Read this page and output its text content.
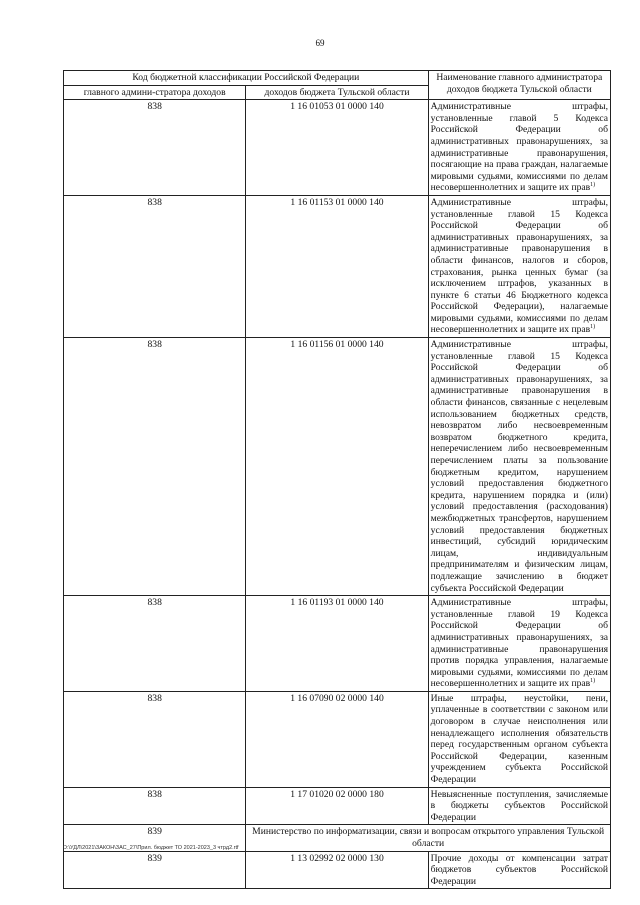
69
Код бюджетной классификации Российской Федерации		Наименование главного администратора доходов бюджета Тульской области
главного админи-стратора доходов	доходов бюджета Тульской области	
838	1 16 01053 01 0000 140	Административные штрафы, установленные главой 5 Кодекса Российской Федерации об административных правонарушениях, за административные правонарушения, посягающие на права граждан, налагаемые мировыми судьями, комиссиями по делам несовершеннолетних и защите их прав$^{1)}$
838	1 16 01153 01 0000 140	Административные штрафы, установленные главой 15 Кодекса Российской Федерации об административных правонарушениях, за административные правонарушения в области финансов, налогов и сборов, страхования, рынка ценных бумаг (за исключением штрафов, указанных в пункте 6 статьи 46 Бюджетного кодекса Российской Федерации), налагаемые мировыми судьями, комиссиями по делам несовершеннолетних и защите их прав$^{1)}$
838	1 16 01156 01 0000 140	Административные штрафы, установленные главой 15 Кодекса Российской Федерации об административных правонарушениях, за административные правонарушения в области финансов, связанные с нецелевым использованием бюджетных средств, невозвратом либо несвоевременным возвратом бюджетного кредита, неперечислением либо несвоевременным перечислением платы за пользование бюджетным кредитом, нарушением условий предоставления бюджетного кредита, нарушением порядка и (или) условий предоставления (расходования) межбюджетных трансфертов, нарушением условий предоставления бюджетных инвестиций, субсидий юридическим лицам, индивидуальным предпринимателям и физическим лицам, подлежащие зачислению в бюджет субъекта Российской Федерации
838	1 16 01193 01 0000 140	Административные штрафы, установленные главой 19 Кодекса Российской Федерации об административных правонарушениях, за административные правонарушения против порядка управления, налагаемые мировыми судьями, комиссиями по делам несовершеннолетних и защите их прав$^{1)}$
838	1 16 07090 02 0000 140	Иные штрафы, неустойки, пени, уплаченные в соответствии с законом или договором в случае неисполнения или ненадлежащего исполнения обязательств перед государственным органом субъекта Российской Федерации, казенным учреждением субъекта Российской Федерации
838	1 17 01020 02 0000 180	Невыясненные поступления, зачисляемые в бюджеты субъектов Российской Федерации
839	Министерство по информатизации, связи и вопросам открытого управления Тульской области	
839	1 13 02992 02 0000 130	Прочие доходы от компенсации затрат бюджетов субъектов Российской Федерации
D:\УДЛ\2021\ЗАКОН\ЗАС_27\Прил. бюджет ТО 2021-2023_3 чтрд2.rtf
